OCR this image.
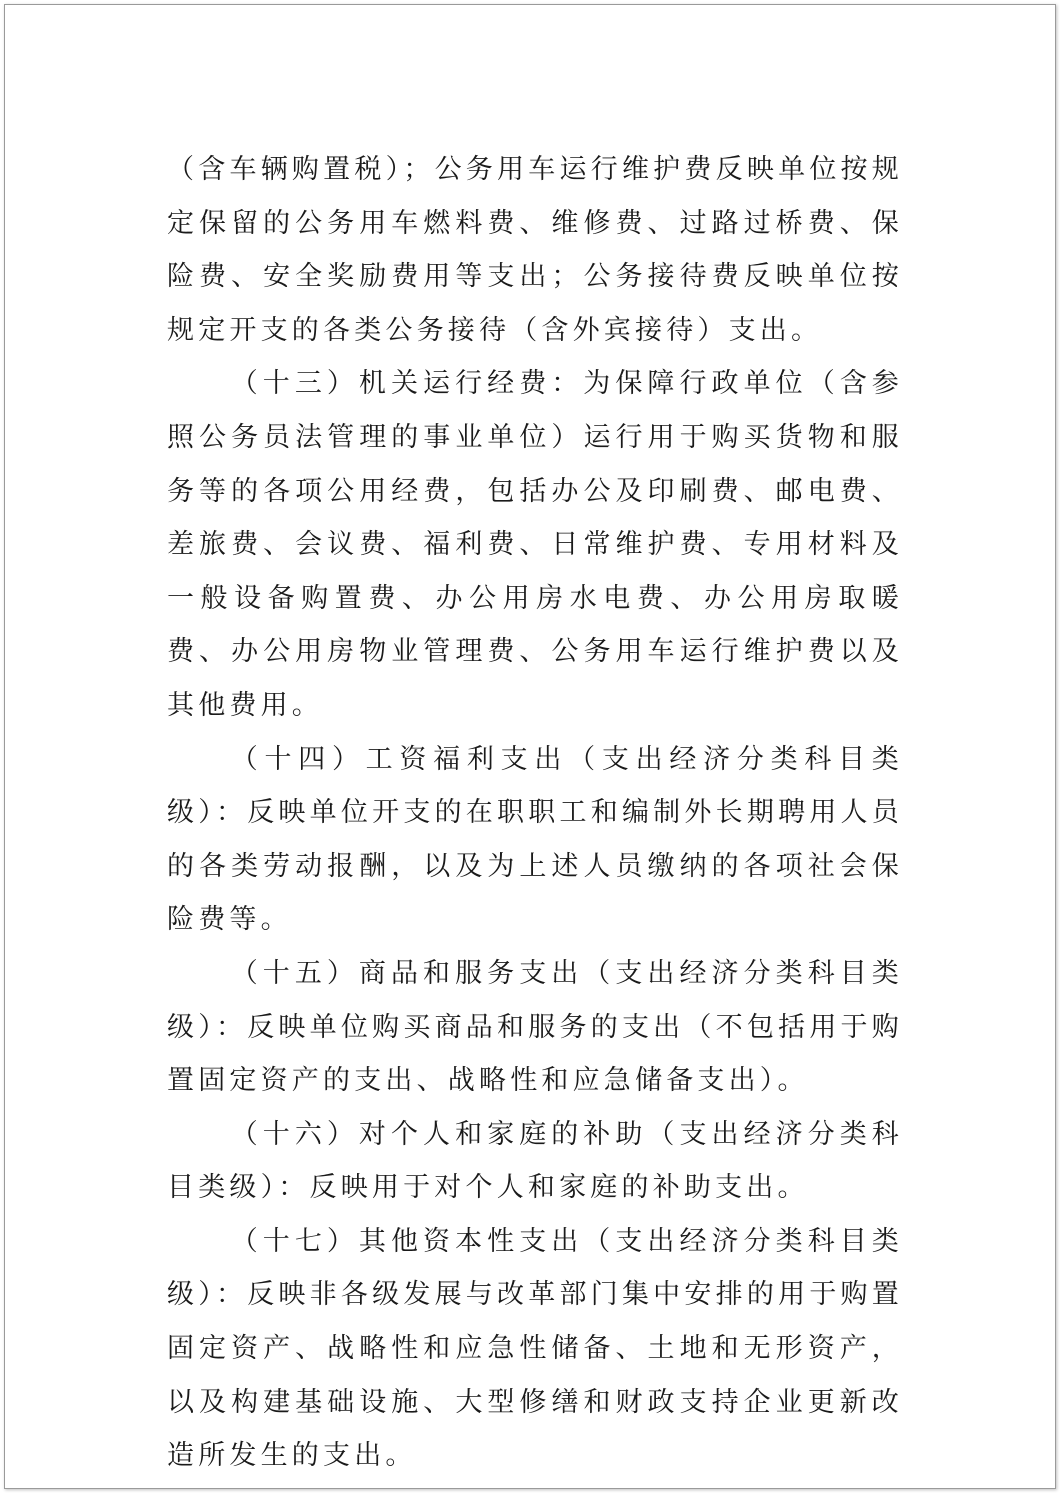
（含车辆购置税）；公务用车运行维护费反映单位按规定保留的公务用车燃料费、维修费、过路过桥费、保险费、安全奖励费用等支出；公务接待费反映单位按规定开支的各类公务接待（含外宾接待）支出。

（十三）机关运行经费：为保障行政单位（含参照公务员法管理的事业单位）运行用于购买货物和服务等的各项公用经费，包括办公及印刷费、邮电费、差旅费、会议费、福利费、日常维护费、专用材料及一般设备购置费、办公用房水电费、办公用房取暖费、办公用房物业管理费、公务用车运行维护费以及其他费用。

（十四）工资福利支出（支出经济分类科目类级）：反映单位开支的在职职工和编制外长期聘用人员的各类劳动报酬，以及为上述人员缴纳的各项社会保险费等。

（十五）商品和服务支出（支出经济分类科目类级）：反映单位购买商品和服务的支出（不包括用于购置固定资产的支出、战略性和应急储备支出）。

（十六）对个人和家庭的补助（支出经济分类科目类级）：反映用于对个人和家庭的补助支出。

（十七）其他资本性支出（支出经济分类科目类级）：反映非各级发展与改革部门集中安排的用于购置固定资产、战略性和应急性储备、土地和无形资产，以及构建基础设施、大型修缮和财政支持企业更新改造所发生的支出。
